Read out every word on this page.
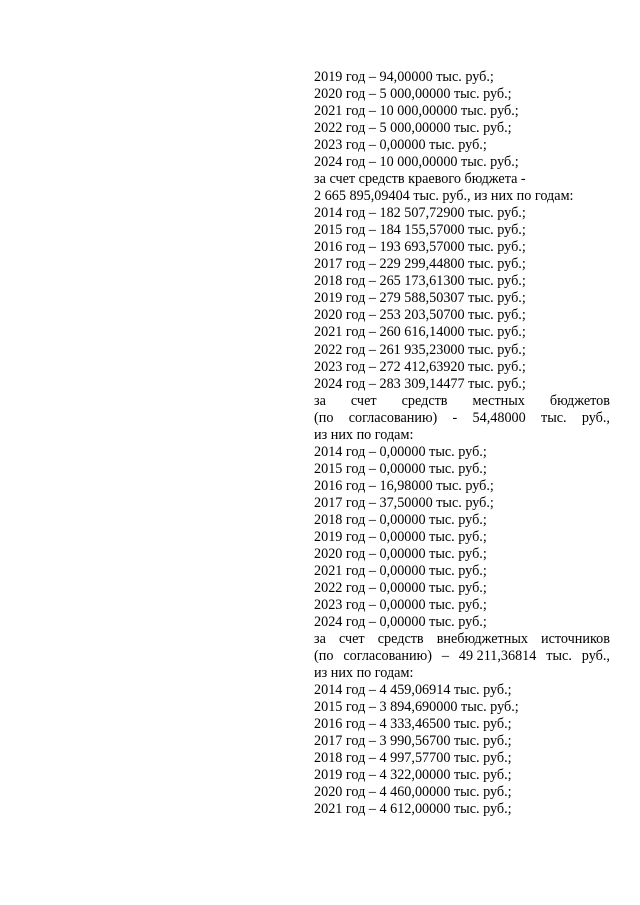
2019 год – 94,00000 тыс. руб.;
2020 год – 5 000,00000 тыс. руб.;
2021 год – 10 000,00000 тыс. руб.;
2022 год – 5 000,00000 тыс. руб.;
2023 год – 0,00000 тыс. руб.;
2024 год – 10 000,00000 тыс. руб.;
за счет средств краевого бюджета -
2 665 895,09404 тыс. руб., из них по годам:
2014 год – 182 507,72900 тыс. руб.;
2015 год – 184 155,57000 тыс. руб.;
2016 год – 193 693,57000 тыс. руб.;
2017 год – 229 299,44800 тыс. руб.;
2018 год – 265 173,61300 тыс. руб.;
2019 год – 279 588,50307 тыс. руб.;
2020 год – 253 203,50700 тыс. руб.;
2021 год – 260 616,14000 тыс. руб.;
2022 год – 261 935,23000 тыс. руб.;
2023 год – 272 412,63920 тыс. руб.;
2024 год – 283 309,14477 тыс. руб.;
за счет средств местных бюджетов
(по согласованию) - 54,48000 тыс. руб.,
из них по годам:
2014 год – 0,00000 тыс. руб.;
2015 год – 0,00000 тыс. руб.;
2016 год – 16,98000 тыс. руб.;
2017 год – 37,50000 тыс. руб.;
2018 год – 0,00000 тыс. руб.;
2019 год – 0,00000 тыс. руб.;
2020 год – 0,00000 тыс. руб.;
2021 год – 0,00000 тыс. руб.;
2022 год – 0,00000 тыс. руб.;
2023 год – 0,00000 тыс. руб.;
2024 год – 0,00000 тыс. руб.;
за счет средств внебюджетных источников
(по согласованию) – 49 211,36814 тыс. руб.,
из них по годам:
2014 год – 4 459,06914 тыс. руб.;
2015 год – 3 894,690000 тыс. руб.;
2016 год – 4 333,46500 тыс. руб.;
2017 год – 3 990,56700 тыс. руб.;
2018 год – 4 997,57700 тыс. руб.;
2019 год – 4 322,00000 тыс. руб.;
2020 год – 4 460,00000 тыс. руб.;
2021 год – 4 612,00000 тыс. руб.;
